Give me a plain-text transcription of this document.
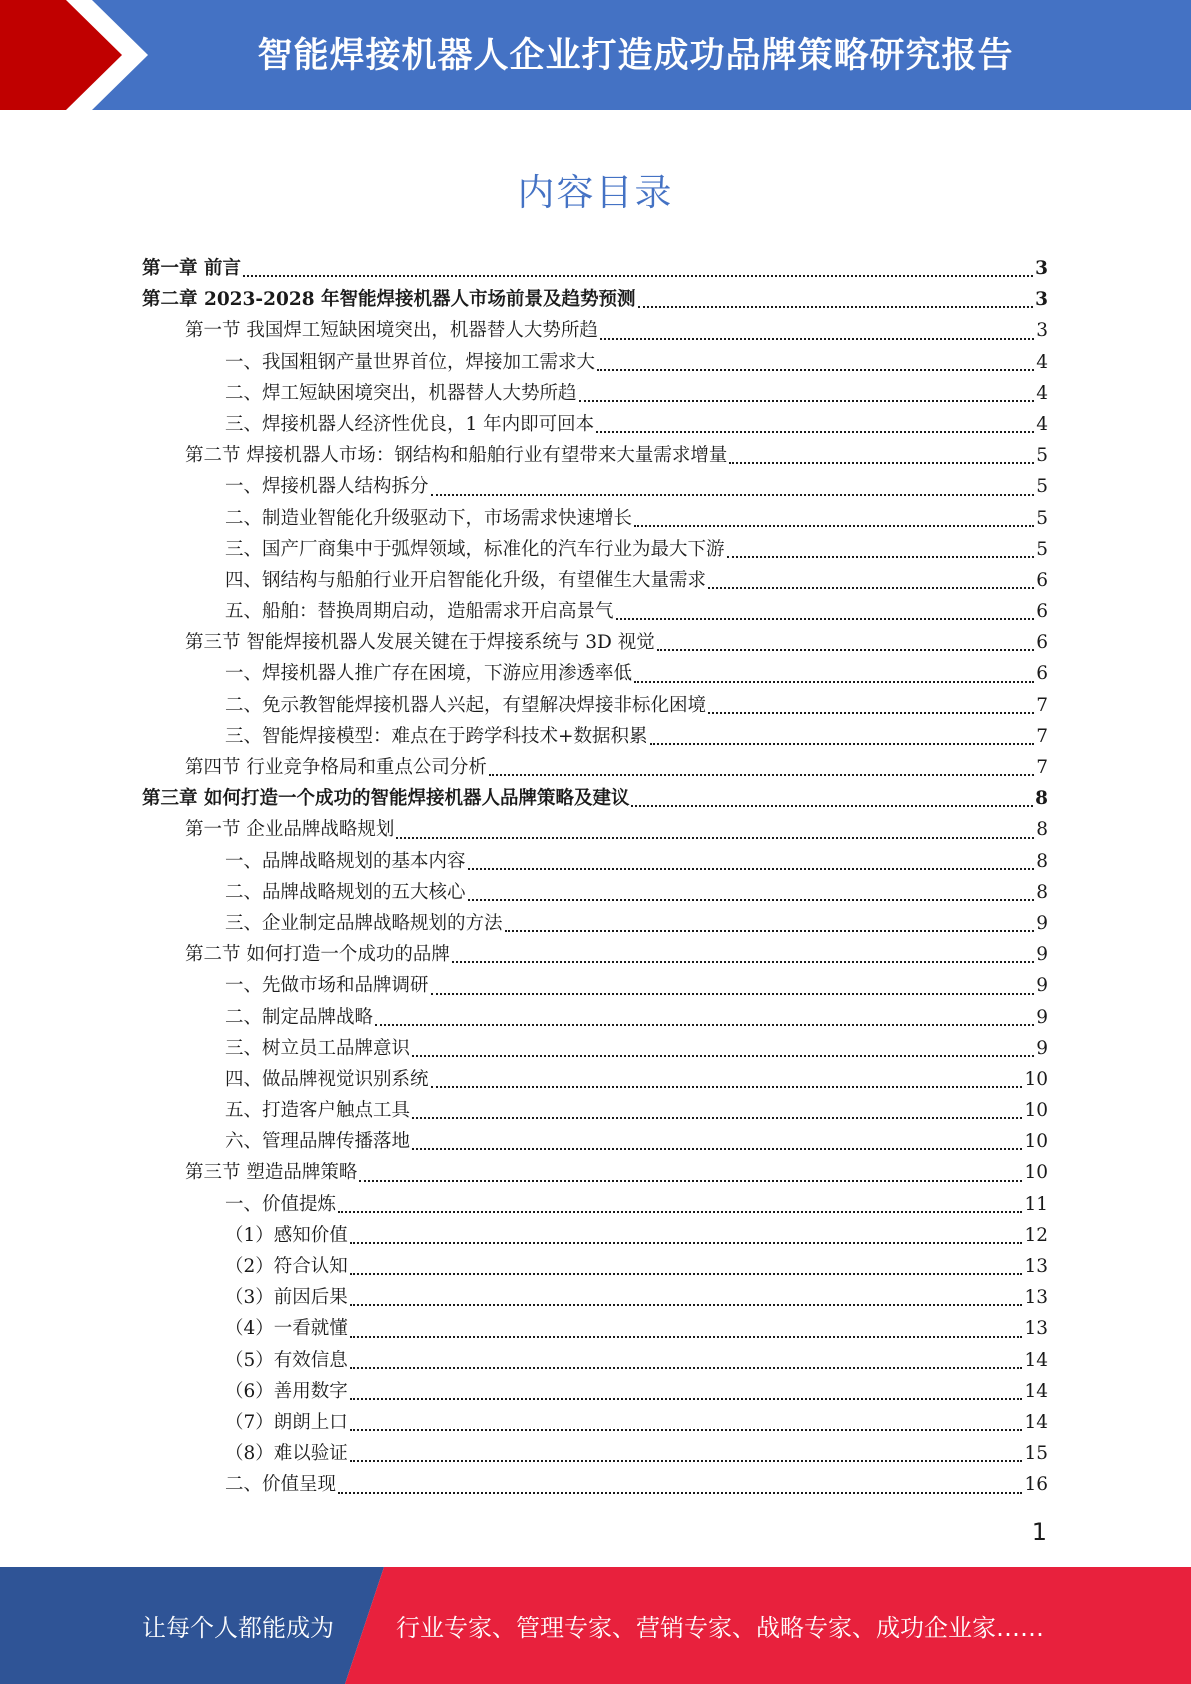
智能焊接机器人企业打造成功品牌策略研究报告
内容目录
第一章 前言	3
第二章 2023-2028 年智能焊接机器人市场前景及趋势预测	3
第一节 我国焊工短缺困境突出，机器替人大势所趋	3
一、我国粗钢产量世界首位，焊接加工需求大	4
二、焊工短缺困境突出，机器替人大势所趋	4
三、焊接机器人经济性优良，1 年内即可回本	4
第二节 焊接机器人市场：钢结构和船舶行业有望带来大量需求增量	5
一、焊接机器人结构拆分	5
二、制造业智能化升级驱动下，市场需求快速增长	5
三、国产厂商集中于弧焊领域，标准化的汽车行业为最大下游	5
四、钢结构与船舶行业开启智能化升级，有望催生大量需求	6
五、船舶：替换周期启动，造船需求开启高景气	6
第三节 智能焊接机器人发展关键在于焊接系统与 3D 视觉	6
一、焊接机器人推广存在困境，下游应用渗透率低	6
二、免示教智能焊接机器人兴起，有望解决焊接非标化困境	7
三、智能焊接模型：难点在于跨学科技术+数据积累	7
第四节 行业竞争格局和重点公司分析	7
第三章 如何打造一个成功的智能焊接机器人品牌策略及建议	8
第一节 企业品牌战略规划	8
一、品牌战略规划的基本内容	8
二、品牌战略规划的五大核心	8
三、企业制定品牌战略规划的方法	9
第二节 如何打造一个成功的品牌	9
一、先做市场和品牌调研	9
二、制定品牌战略	9
三、树立员工品牌意识	9
四、做品牌视觉识别系统	10
五、打造客户触点工具	10
六、管理品牌传播落地	10
第三节 塑造品牌策略	10
一、价值提炼	11
（1）感知价值	12
（2）符合认知	13
（3）前因后果	13
（4）一看就懂	13
（5）有效信息	14
（6）善用数字	14
（7）朗朗上口	14
（8）难以验证	15
二、价值呈现	16
1
让每个人都能成为	行业专家、管理专家、营销专家、战略专家、成功企业家……
